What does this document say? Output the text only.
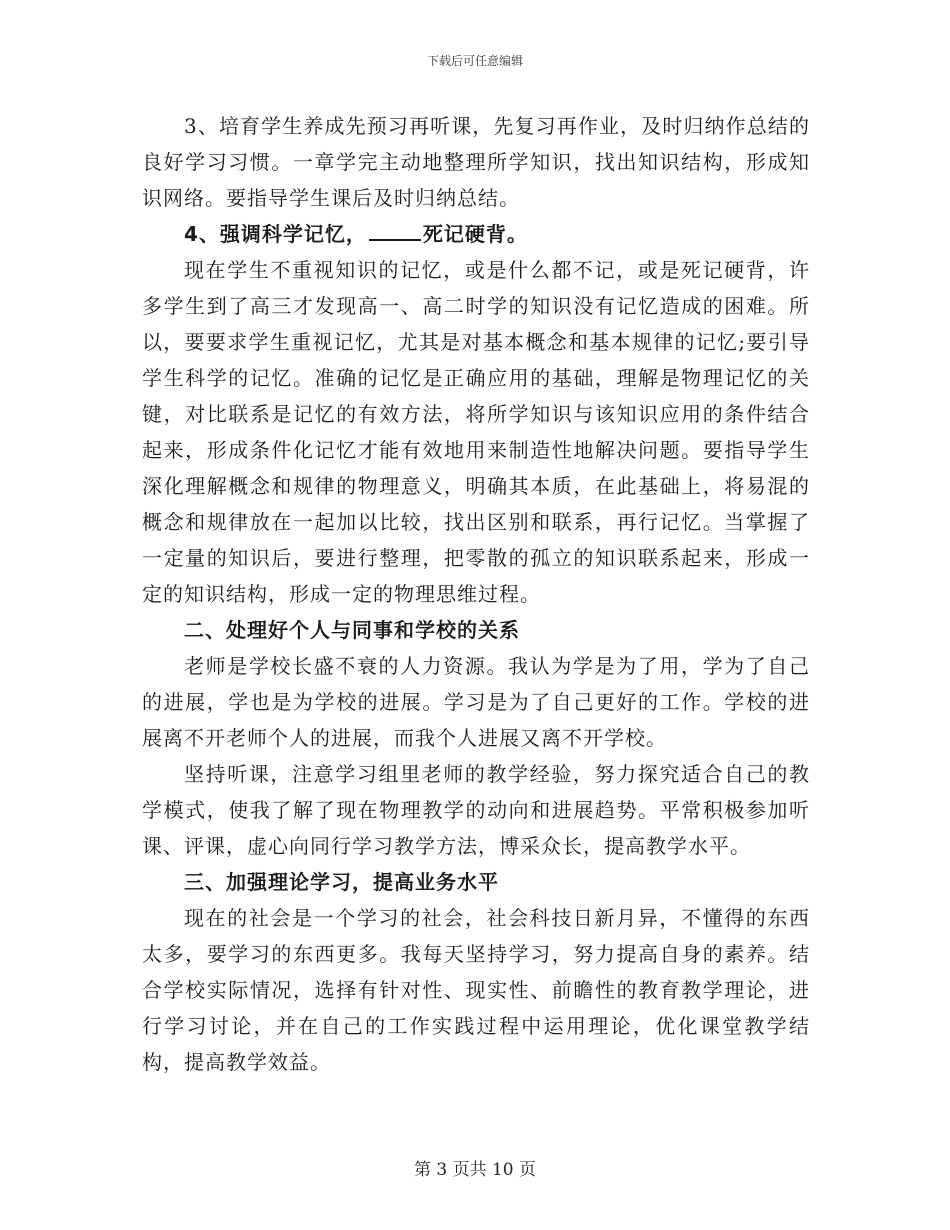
下载后可任意编辑

3、培育学生养成先预习再听课，先复习再作业，及时归纳作总结的良好学习习惯。一章学完主动地整理所学知识，找出知识结构，形成知识网络。要指导学生课后及时归纳总结。

4、强调科学记忆，	死记硬背。

现在学生不重视知识的记忆，或是什么都不记，或是死记硬背，许多学生到了高三才发现高一、高二时学的知识没有记忆造成的困难。所以，要要求学生重视记忆，尤其是对基本概念和基本规律的记忆;要引导学生科学的记忆。准确的记忆是正确应用的基础，理解是物理记忆的关键，对比联系是记忆的有效方法，将所学知识与该知识应用的条件结合起来，形成条件化记忆才能有效地用来制造性地解决问题。要指导学生深化理解概念和规律的物理意义，明确其本质，在此基础上，将易混的概念和规律放在一起加以比较，找出区别和联系，再行记忆。当掌握了一定量的知识后，要进行整理，把零散的孤立的知识联系起来，形成一定的知识结构，形成一定的物理思维过程。

二、处理好个人与同事和学校的关系

老师是学校长盛不衰的人力资源。我认为学是为了用，学为了自己的进展，学也是为学校的进展。学习是为了自己更好的工作。学校的进展离不开老师个人的进展，而我个人进展又离不开学校。

坚持听课，注意学习组里老师的教学经验，努力探究适合自己的教学模式，使我了解了现在物理教学的动向和进展趋势。平常积极参加听课、评课，虚心向同行学习教学方法，博采众长，提高教学水平。

三、加强理论学习，提高业务水平

现在的社会是一个学习的社会，社会科技日新月异，不懂得的东西太多，要学习的东西更多。我每天坚持学习，努力提高自身的素养。结合学校实际情况，选择有针对性、现实性、前瞻性的教育教学理论，进行学习讨论，并在自己的工作实践过程中运用理论，优化课堂教学结构，提高教学效益。

第 3 页共 10 页
